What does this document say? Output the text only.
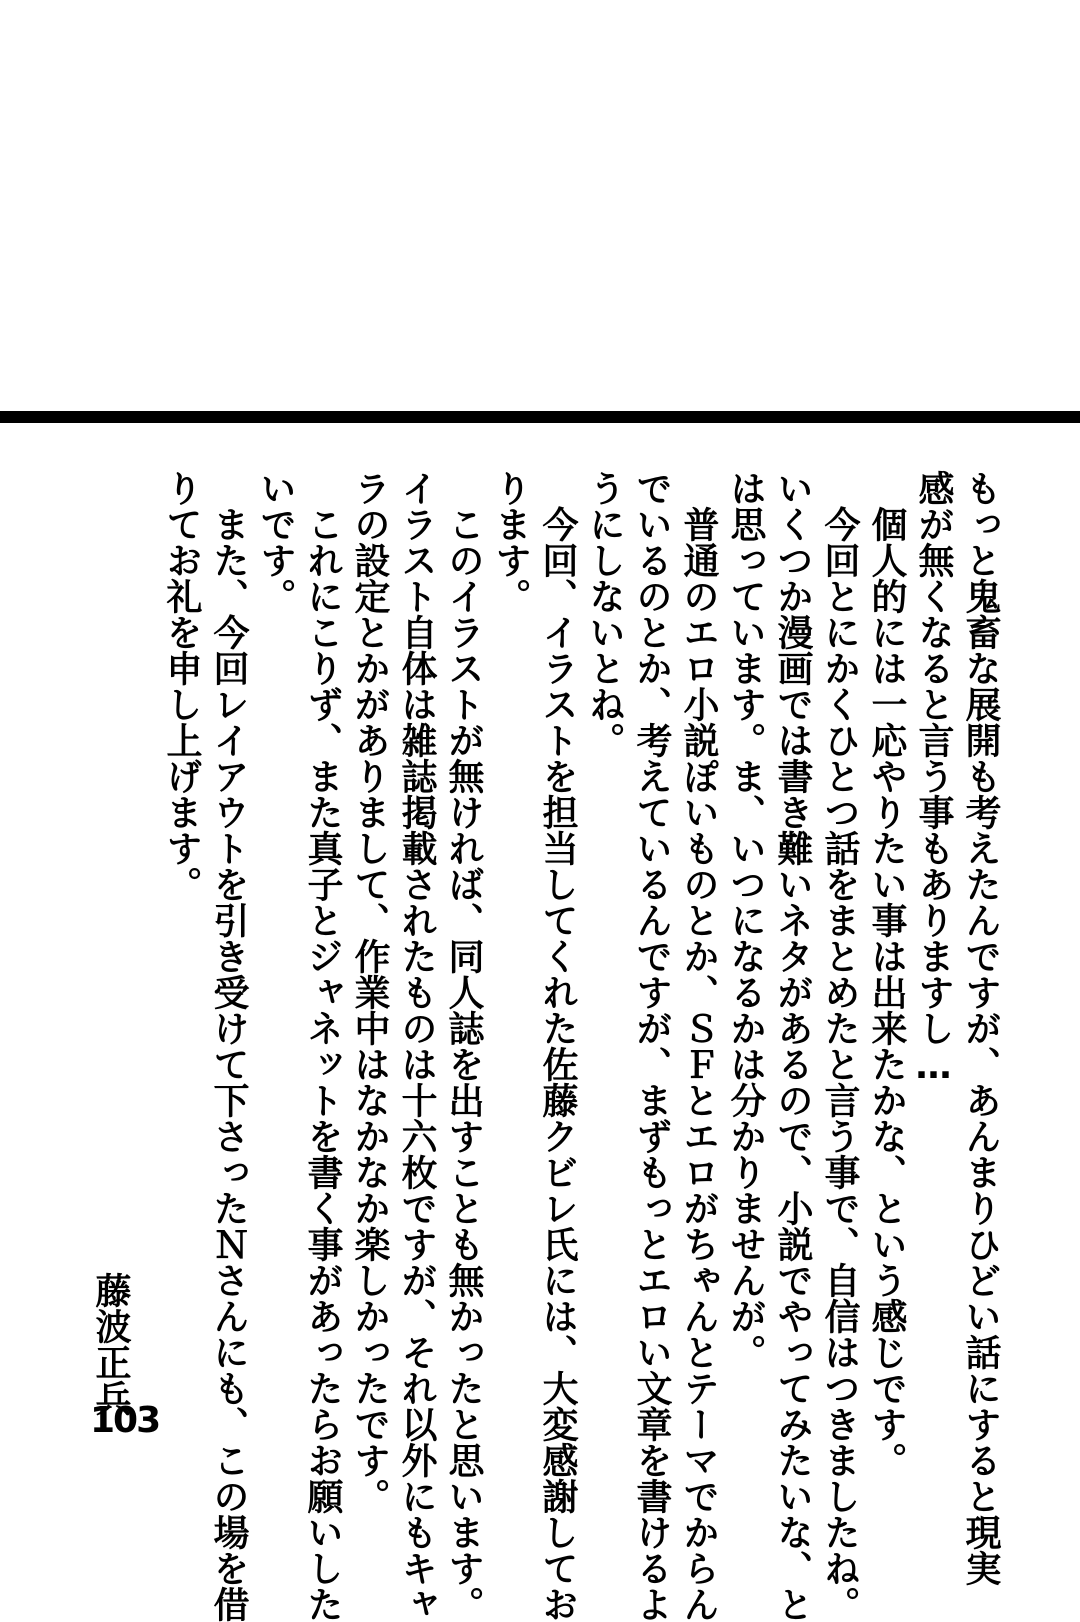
もっと鬼畜な展開も考えたんですが、あんまりひどい話にすると現実
感が無くなると言う事もありますし…
　個人的には一応やりたい事は出来たかな、という感じです。
　今回とにかくひとつ話をまとめたと言う事で、自信はつきましたね。
いくつか漫画では書き難いネタがあるので、小説でやってみたいな、と
は思っています。ま、いつになるかは分かりませんが。
　普通のエロ小説ぽいものとか、ＳＦとエロがちゃんとテーマでからん
でいるのとか、考えているんですが、まずもっとエロい文章を書けるよ
うにしないとね。
　今回、イラストを担当してくれた佐藤クビレ氏には、大変感謝してお
ります。
　このイラストが無ければ、同人誌を出すことも無かったと思います。
イラスト自体は雑誌掲載されたものは十六枚ですが、それ以外にもキャ
ラの設定とかがありまして、作業中はなかなか楽しかったです。
　これにこりず、また真子とジャネットを書く事があったらお願いした
いです。
　また、今回レイアウトを引き受けて下さったＮさんにも、この場を借
りてお礼を申し上げます。
藤波正兵
103
